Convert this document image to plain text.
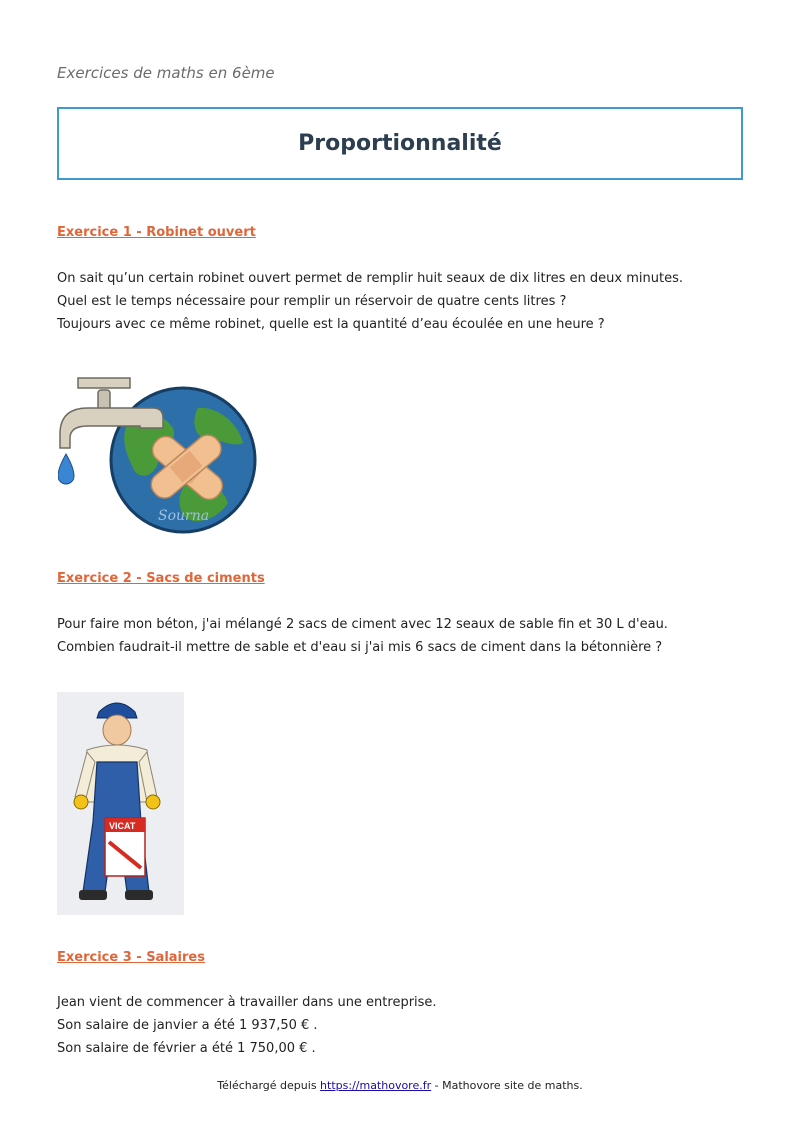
Exercices de maths en 6ème
Proportionnalité
Exercice 1 - Robinet ouvert
On sait qu’un certain robinet ouvert permet de remplir huit seaux de dix litres en deux minutes.
Quel est le temps nécessaire pour remplir un réservoir de quatre cents litres ?
Toujours avec ce même robinet, quelle est la quantité d’eau écoulée en une heure ?
Sourna
Exercice 2 - Sacs de ciments
Pour faire mon béton, j'ai mélangé 2 sacs de ciment avec 12 seaux de sable fin et 30 L d'eau.
Combien faudrait-il mettre de sable et d'eau si j'ai mis 6 sacs de ciment dans la bétonnière ?
VICAT
Exercice 3 - Salaires
Jean vient de commencer à travailler dans une entreprise.
Son salaire de janvier a été 1 937,50 € .
Son salaire de février a été 1 750,00 € .
Téléchargé depuis https://mathovore.fr - Mathovore site de maths.
